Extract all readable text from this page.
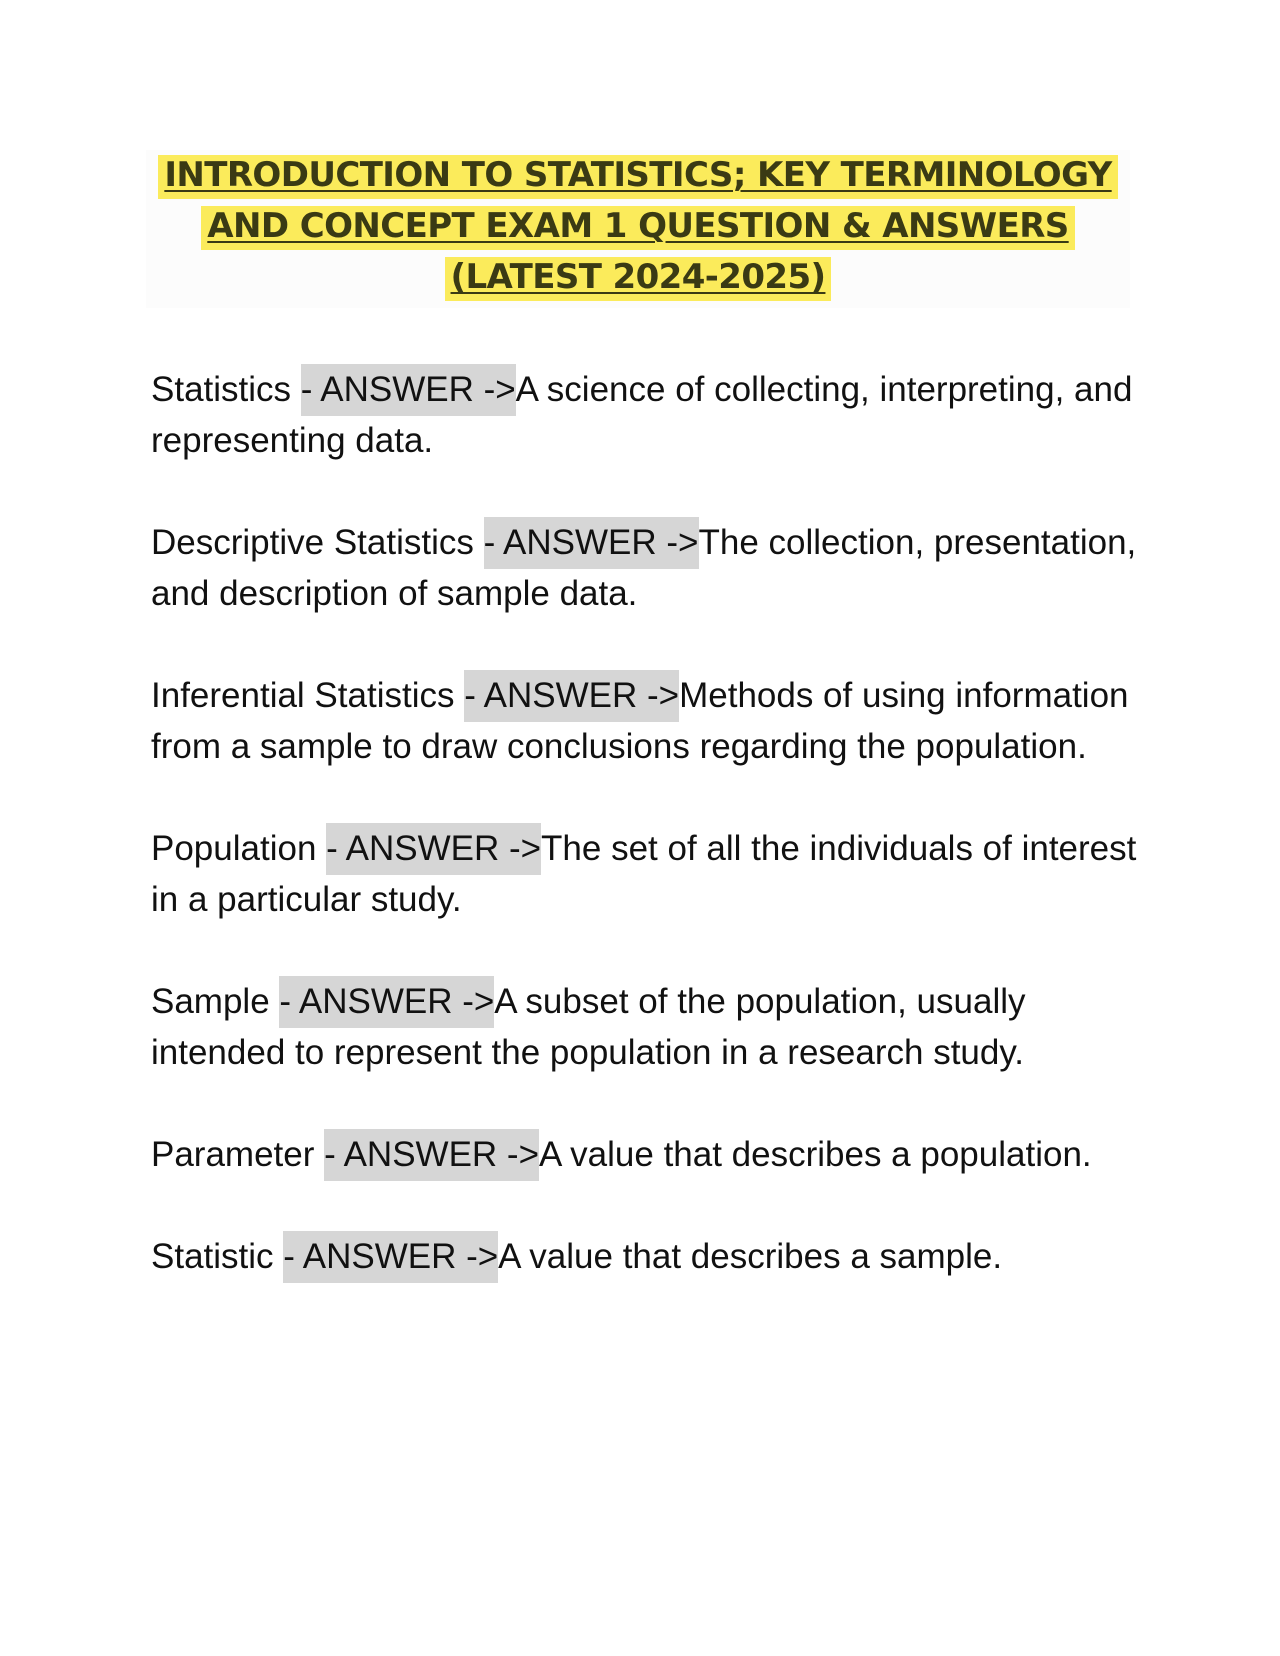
INTRODUCTION TO STATISTICS; KEY TERMINOLOGY
AND CONCEPT EXAM 1 QUESTION & ANSWERS
(LATEST 2024-2025)

Statistics - ANSWER ->A science of collecting, interpreting, and representing data.

Descriptive Statistics - ANSWER ->The collection, presentation, and description of sample data.

Inferential Statistics - ANSWER ->Methods of using information from a sample to draw conclusions regarding the population.

Population - ANSWER ->The set of all the individuals of interest in a particular study.

Sample - ANSWER ->A subset of the population, usually intended to represent the population in a research study.

Parameter - ANSWER ->A value that describes a population.

Statistic - ANSWER ->A value that describes a sample.
